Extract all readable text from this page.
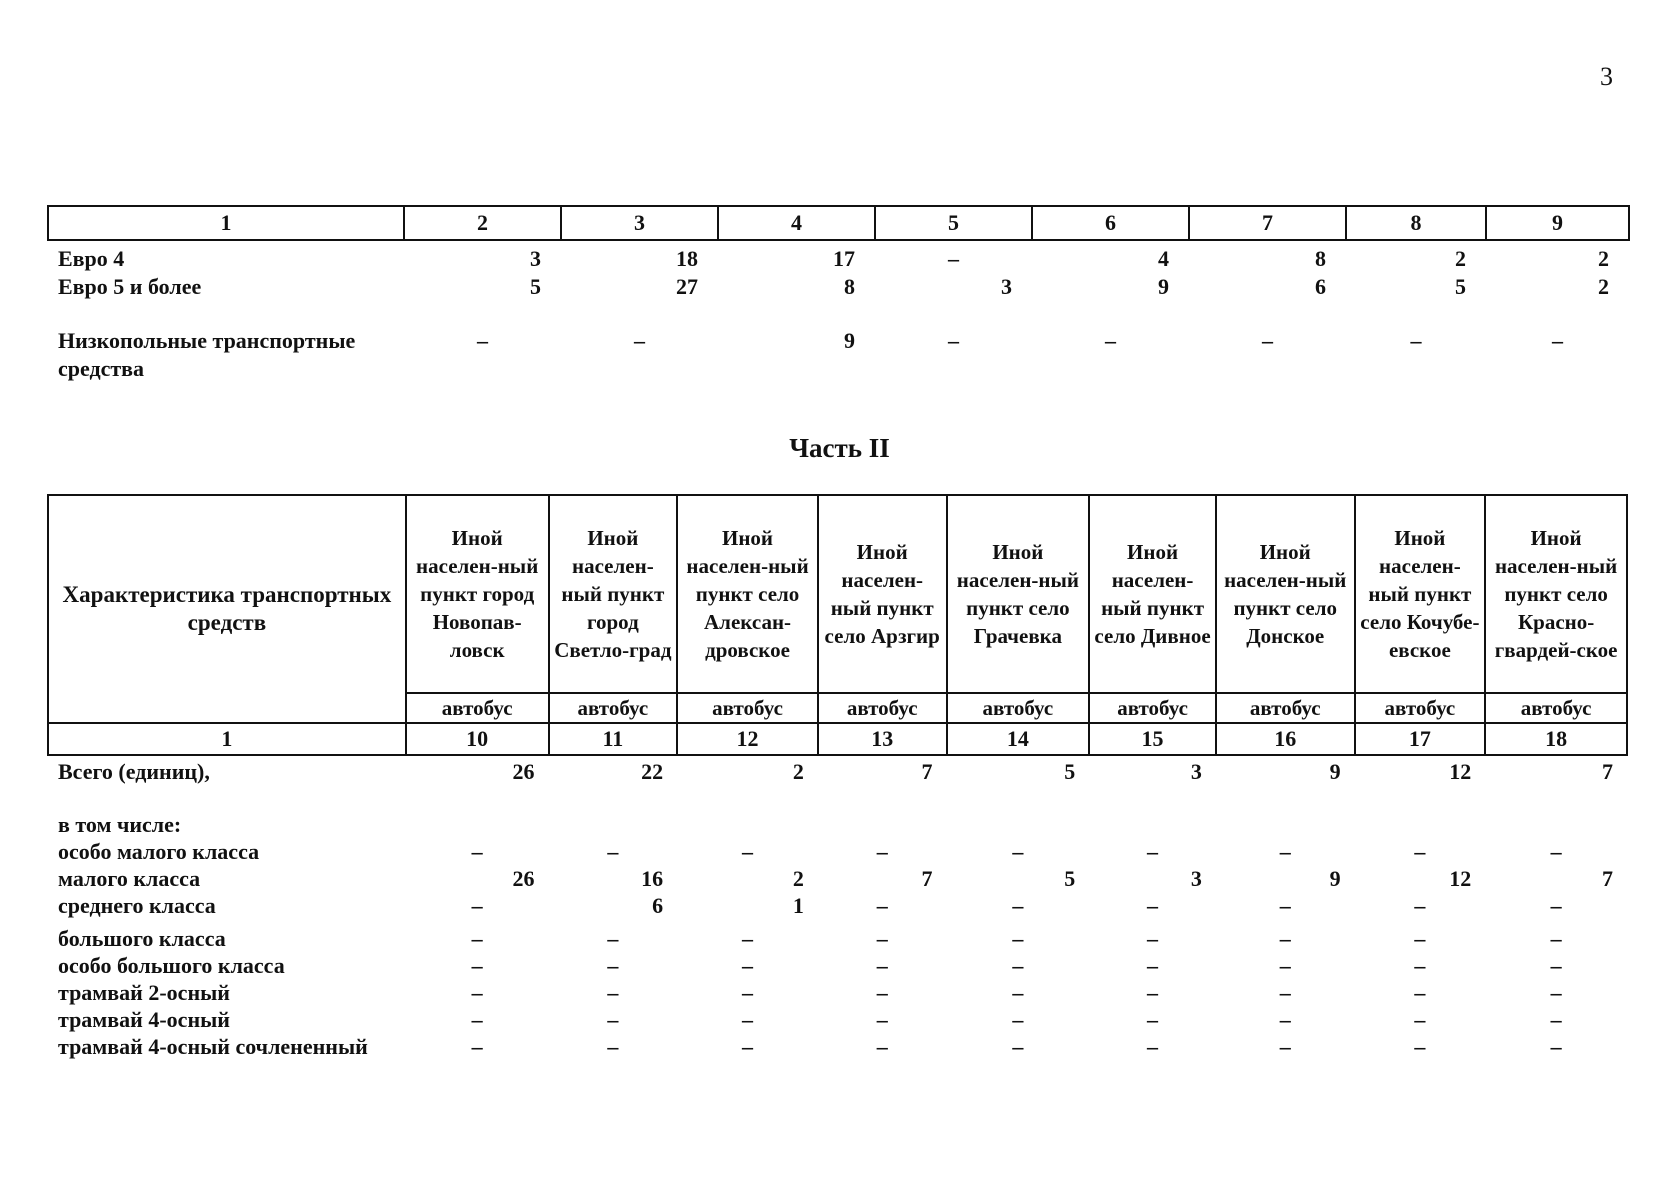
3
1	2	3	4	5	6	7	8	9

Евро 4	3	18	17	–	4	8	2	2
Евро 5 и более	5	27	8	3	9	6	5	2

Низкопольные транспортные средства	–	–	9	–	–	–	–	–
Часть II
Характеристика транспортных средств	Иной населен-ный пункт город Новопав-ловск	Иной населен-ный пункт город Светло-град	Иной населен-ный пункт село Алексан-дровское	Иной населен-ный пункт село Арзгир	Иной населен-ный пункт село Грачевка	Иной населен-ный пункт село Дивное	Иной населен-ный пункт село Донское	Иной населен-ный пункт село Кочубе-евское	Иной населен-ный пункт село Красно-гвардей-ское
	автобус	автобус	автобус	автобус	автобус	автобус	автобус	автобус	автобус
1	10	11	12	13	14	15	16	17	18

Всего (единиц),	26	22	2	7	5	3	9	12	7

в том числе:									
особо малого класса	–	–	–	–	–	–	–	–	–
малого класса	26	16	2	7	5	3	9	12	7
среднего класса	–	6	1	–	–	–	–	–	–

большого класса	–	–	–	–	–	–	–	–	–
особо большого класса	–	–	–	–	–	–	–	–	–
трамвай 2-осный	–	–	–	–	–	–	–	–	–
трамвай 4-осный	–	–	–	–	–	–	–	–	–
трамвай 4-осный сочлененный	–	–	–	–	–	–	–	–	–
